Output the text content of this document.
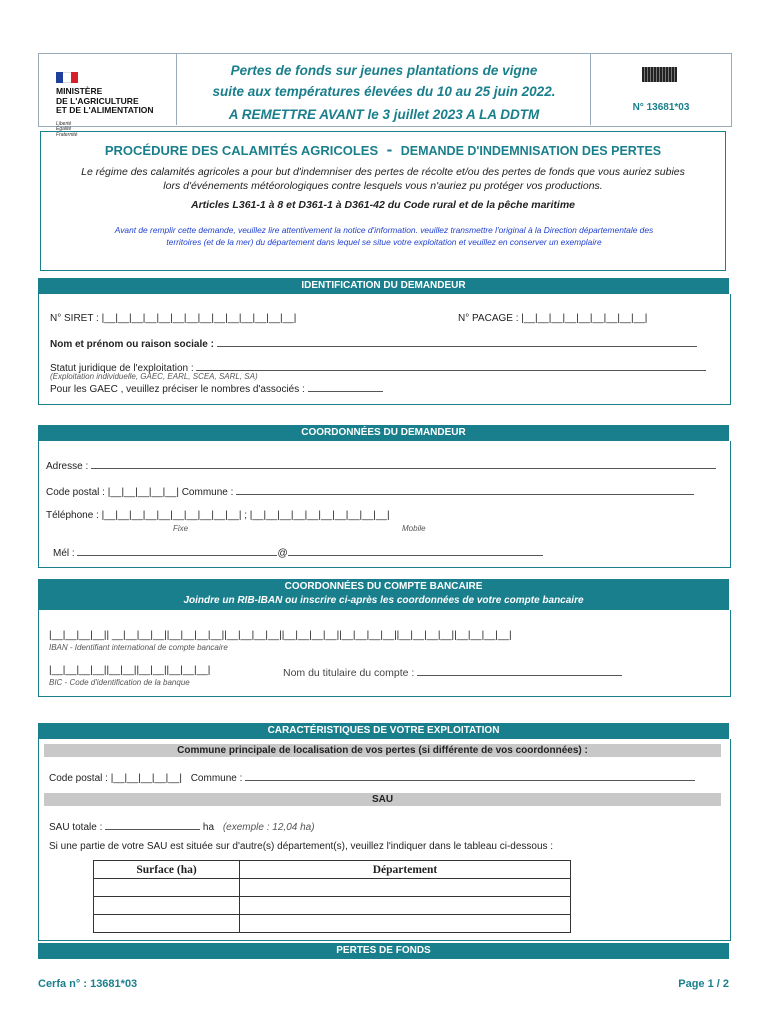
MINISTÈRE
DE L'AGRICULTURE
ET DE L'ALIMENTATION
Liberté
Égalité
Fraternité
Pertes de fonds sur jeunes plantations de vigne
suite aux températures élevées du 10 au 25 juin 2022.
A REMETTRE AVANT le 3 juillet 2023 A LA DDTM	N° 13681*03
PROCÉDURE DES CALAMITÉS AGRICOLES - DEMANDE D'INDEMNISATION DES PERTES
Le régime des calamités agricoles a pour but d'indemniser des pertes de récolte et/ou des pertes de fonds que vous auriez subies
lors d'événements météorologiques contre lesquels vous n'auriez pu protéger vos productions.
Articles L361-1 à 8 et D361-1 à D361-42 du Code rural et de la pêche maritime
Avant de remplir cette demande, veuillez lire attentivement la notice d'information. veuillez transmettre l'original à la Direction départementale des
territoires (et de la mer) du département dans lequel se situe votre exploitation et veuillez en conserver un exemplaire
IDENTIFICATION DU DEMANDEUR
N° SIRET : |__|__|__|__|__|__|__|__|__|__|__|__|__|__|	N° PACAGE : |__|__|__|__|__|__|__|__|__|
Nom et prénom ou raison sociale :
Statut juridique de l'exploitation :
(Exploitation individuelle, GAEC, EARL, SCEA, SARL, SA)
Pour les GAEC , veuillez préciser le nombres d'associés :
COORDONNÉES DU DEMANDEUR
Adresse :
Code postal : |__|__|__|__|__| Commune :
Téléphone : |__|__|__|__|__|__|__|__|__|__| ; |__|__|__|__|__|__|__|__|__|__|
Fixe	Mobile
Mél :	@
COORDONNÉES DU COMPTE BANCAIRE
Joindre un RIB-IBAN ou inscrire ci-après les coordonnées de votre compte bancaire
|__|__|__|__|| __|__|__|__||__|__|__|__||__|__|__|__||__|__|__|__||__|__|__|__||__|__|__|__||__|__|__|__|
IBAN - Identifiant international de compte bancaire
|__|__|__|__||__|__||__|__||__|__|__|	Nom du titulaire du compte :
BIC - Code d'identification de la banque
CARACTÉRISTIQUES DE VOTRE EXPLOITATION
Commune principale de localisation de vos pertes (si différente de vos coordonnées) :
Code postal : |__|__|__|__|__| Commune :
SAU
SAU totale :	ha (exemple : 12,04 ha)
Si une partie de votre SAU est située sur d'autre(s) département(s), veuillez l'indiquer dans le tableau ci-dessous :
Surface (ha)	Département

PERTES DE FONDS
Cerfa n° : 13681*03	Page 1 / 2
